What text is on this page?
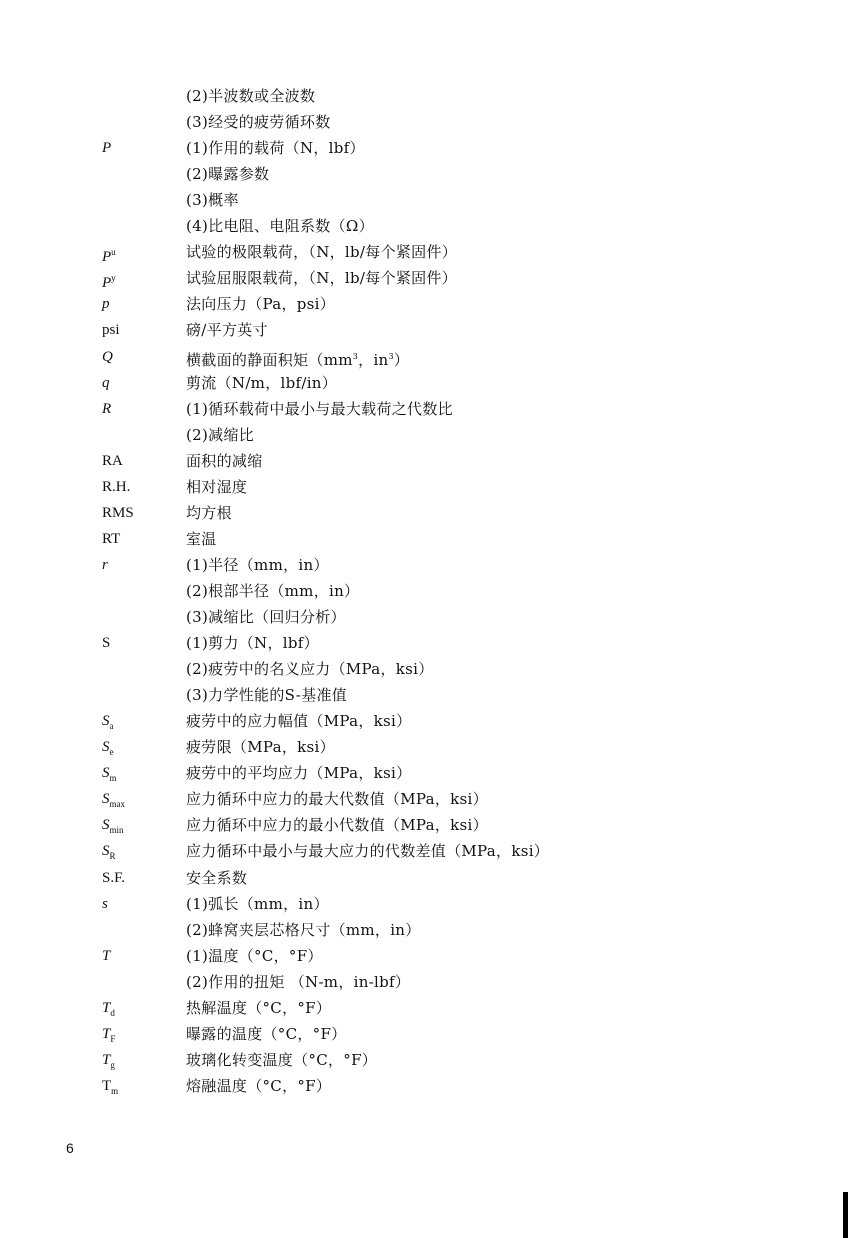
(2)半波数或全波数
(3)经受的疲劳循环数
P	(1)作用的载荷（N，lbf）
(2)曝露参数
(3)概率
(4)比电阻、电阻系数（Ω）
$P^u$	试验的极限载荷，（N，lb/每个紧固件）
$P^y$	试验屈服限载荷，（N，lb/每个紧固件）
p	法向压力（Pa，psi）
psi	磅/平方英寸
Q	横截面的静面积矩（$mm^3$，$in^3$）
q	剪流（N/m，lbf/in）
R	(1)循环载荷中最小与最大载荷之代数比
(2)减缩比
RA	面积的减缩
R.H.	相对湿度
RMS	均方根
RT	室温
r	(1)半径（mm，in）
(2)根部半径（mm，in）
(3)减缩比（回归分析）
S	(1)剪力（N，lbf）
(2)疲劳中的名义应力（MPa，ksi）
(3)力学性能的S-基准值
$S_a$	疲劳中的应力幅值（MPa，ksi）
$S_e$	疲劳限（MPa，ksi）
$S_m$	疲劳中的平均应力（MPa，ksi）
$S_{max}$	应力循环中应力的最大代数值（MPa，ksi）
$S_{min}$	应力循环中应力的最小代数值（MPa，ksi）
$S_R$	应力循环中最小与最大应力的代数差值（MPa，ksi）
S.F.	安全系数
s	(1)弧长（mm，in）
(2)蜂窝夹层芯格尺寸（mm，in）
T	(1)温度（°C，°F）
(2)作用的扭矩 （N-m，in-lbf）
$T_d$	热解温度（°C，°F）
$T_F$	曝露的温度（°C，°F）
$T_g$	玻璃化转变温度（°C，°F）
$T_m$	熔融温度（°C，°F）
6
